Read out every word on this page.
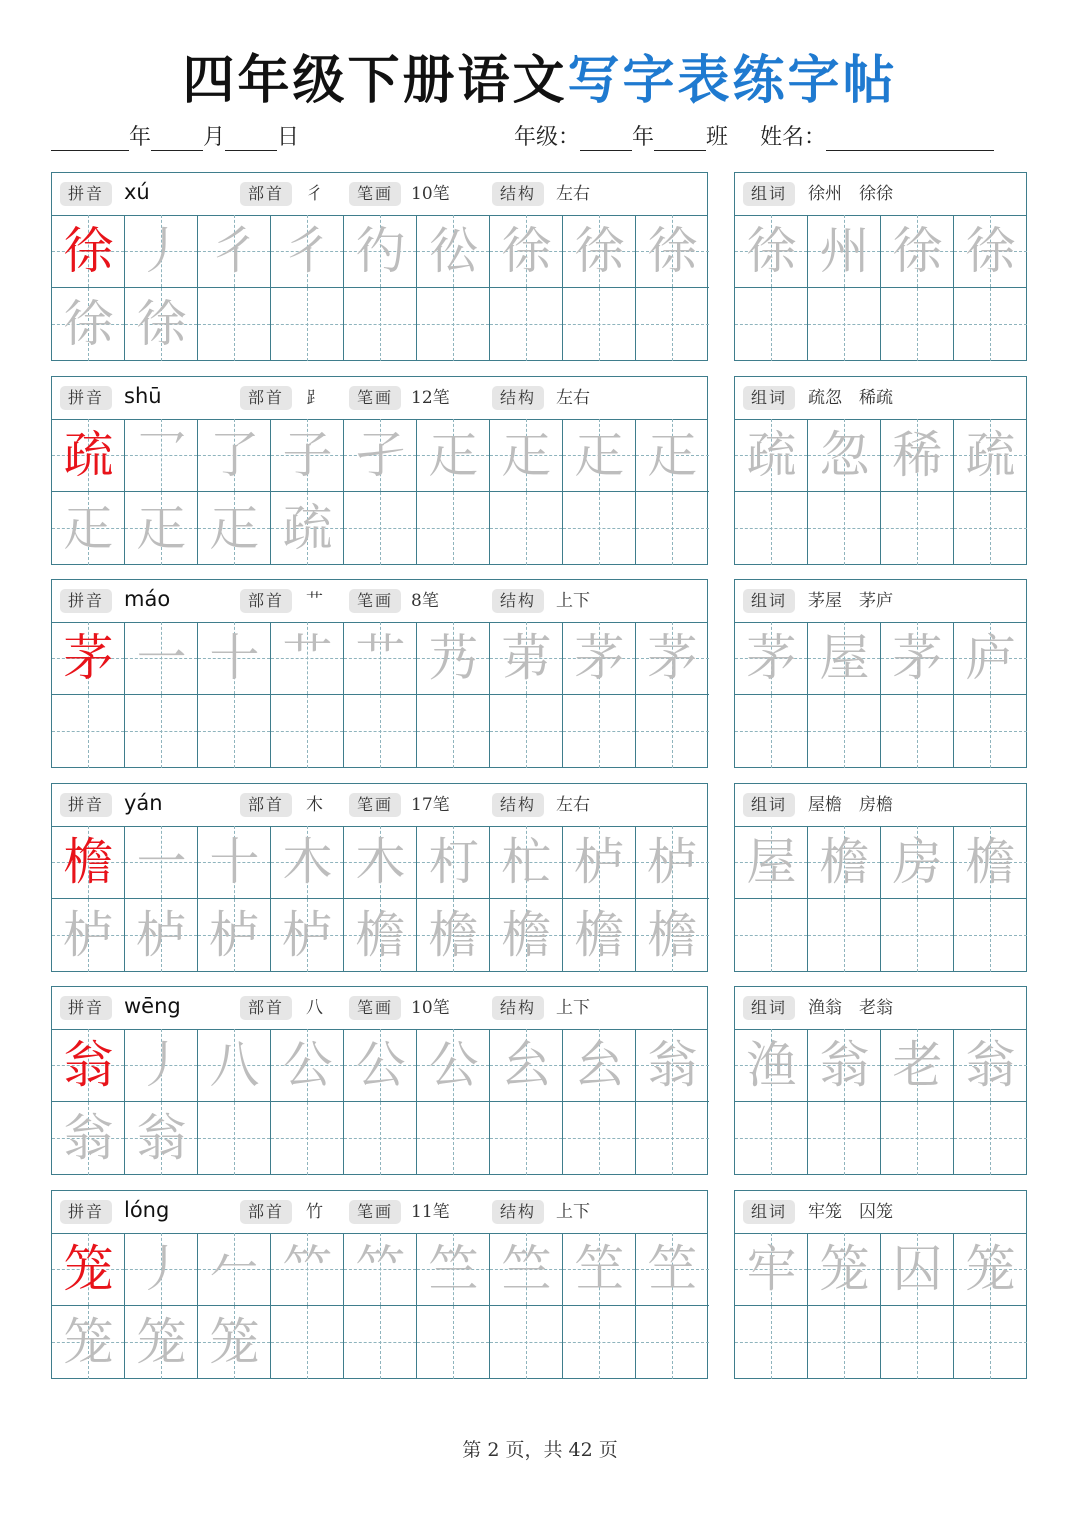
四年级下册语文写字表练字帖
年 月 日	年级： 年 班 姓名：
拼音 xú	部首	彳	笔画	10笔	结构	左右
徐 丿 彳 彳 彴 彸 徐 徐 徐
徐 徐
组词	徐州　徐徐
徐 州 徐 徐
拼音 shū	部首	⻊	笔画	12笔	结构	左右
疏 乛 了 子 孑 𤴓 𤴓 𤴓 𤴓
𤴓 𤴓 𤴓 疏
组词	疏忽　稀疏
疏 忽 稀 疏
拼音 máo	部首	艹	笔画	8笔	结构	上下
茅 一 十 艹 艹 艿 苐 茅 茅
组词	茅屋　茅庐
茅 屋 茅 庐
拼音 yán	部首	木	笔画	17笔	结构	左右
檐 一 十 木 木 朾 杧 栌 栌
栌 栌 栌 栌 檐 檐 檐 檐 檐
组词	屋檐　房檐
屋 檐 房 檐
拼音 wēng	部首	八	笔画	10笔	结构	上下
翁 丿 八 公 公 公 㕕 㕕 翁
翁 翁
组词	渔翁　老翁
渔 翁 老 翁
拼音 lóng	部首	竹	笔画	11笔	结构	上下
笼 丿 𠂉 𥫗 𥫗 竺 竺 笁 笁
笼 笼 笼
组词	牢笼　囚笼
牢 笼 囚 笼
第 2 页，共 42 页
